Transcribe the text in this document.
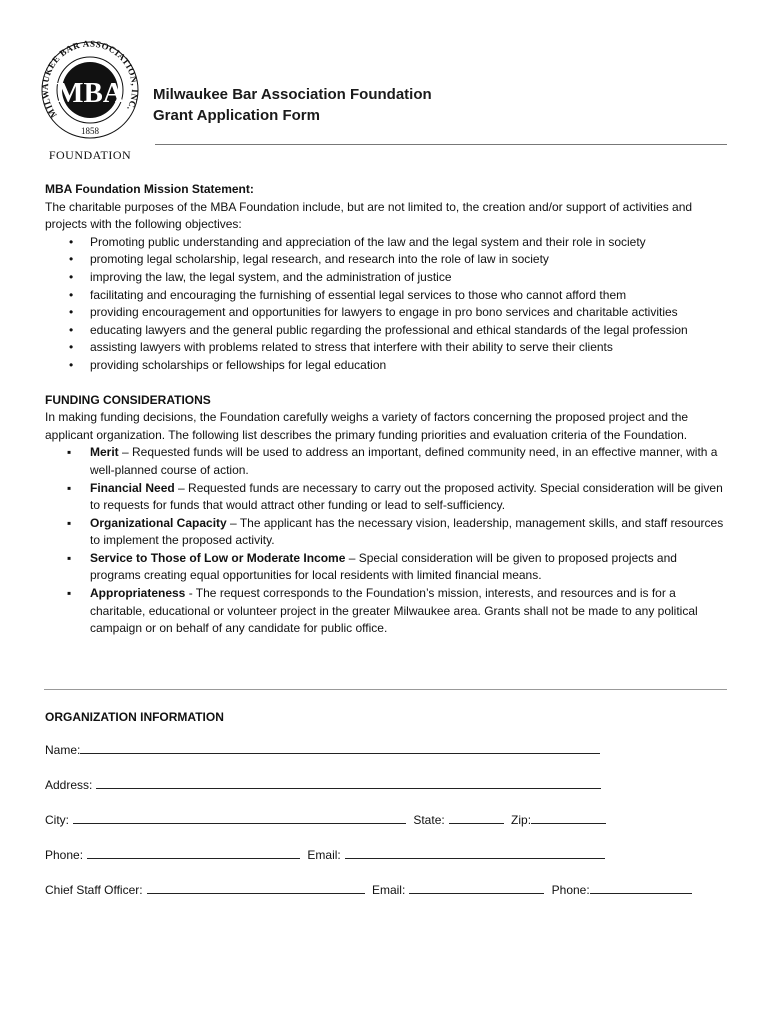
MILWAUKEE BAR ASSOCIATION, INC.
MBA
1858
FOUNDATION
Milwaukee Bar Association Foundation
Grant Application Form
MBA Foundation Mission Statement:

The charitable purposes of the MBA Foundation include, but are not limited to, the creation and/or support of activities and projects with the following objectives:

• Promoting public understanding and appreciation of the law and the legal system and their role in society
• promoting legal scholarship, legal research, and research into the role of law in society
• improving the law, the legal system, and the administration of justice
• facilitating and encouraging the furnishing of essential legal services to those who cannot afford them
• providing encouragement and opportunities for lawyers to engage in pro bono services and charitable activities
• educating lawyers and the general public regarding the professional and ethical standards of the legal profession
• assisting lawyers with problems related to stress that interfere with their ability to serve their clients
• providing scholarships or fellowships for legal education
FUNDING CONSIDERATIONS

In making funding decisions, the Foundation carefully weighs a variety of factors concerning the proposed project and the applicant organization. The following list describes the primary funding priorities and evaluation criteria of the Foundation.

▪ Merit – Requested funds will be used to address an important, defined community need, in an effective manner, with a well-planned course of action.
▪ Financial Need – Requested funds are necessary to carry out the proposed activity. Special consideration will be given to requests for funds that would attract other funding or lead to self-sufficiency.
▪ Organizational Capacity – The applicant has the necessary vision, leadership, management skills, and staff resources to implement the proposed activity.
▪ Service to Those of Low or Moderate Income – Special consideration will be given to proposed projects and programs creating equal opportunities for local residents with limited financial means.
▪ Appropriateness - The request corresponds to the Foundation’s mission, interests, and resources and is for a charitable, educational or volunteer project in the greater Milwaukee area. Grants shall not be made to any political campaign or on behalf of any candidate for public office.
ORGANIZATION INFORMATION
Name:
Address:
City:	State:	Zip:
Phone:	Email:
Chief Staff Officer:	Email:	Phone:
